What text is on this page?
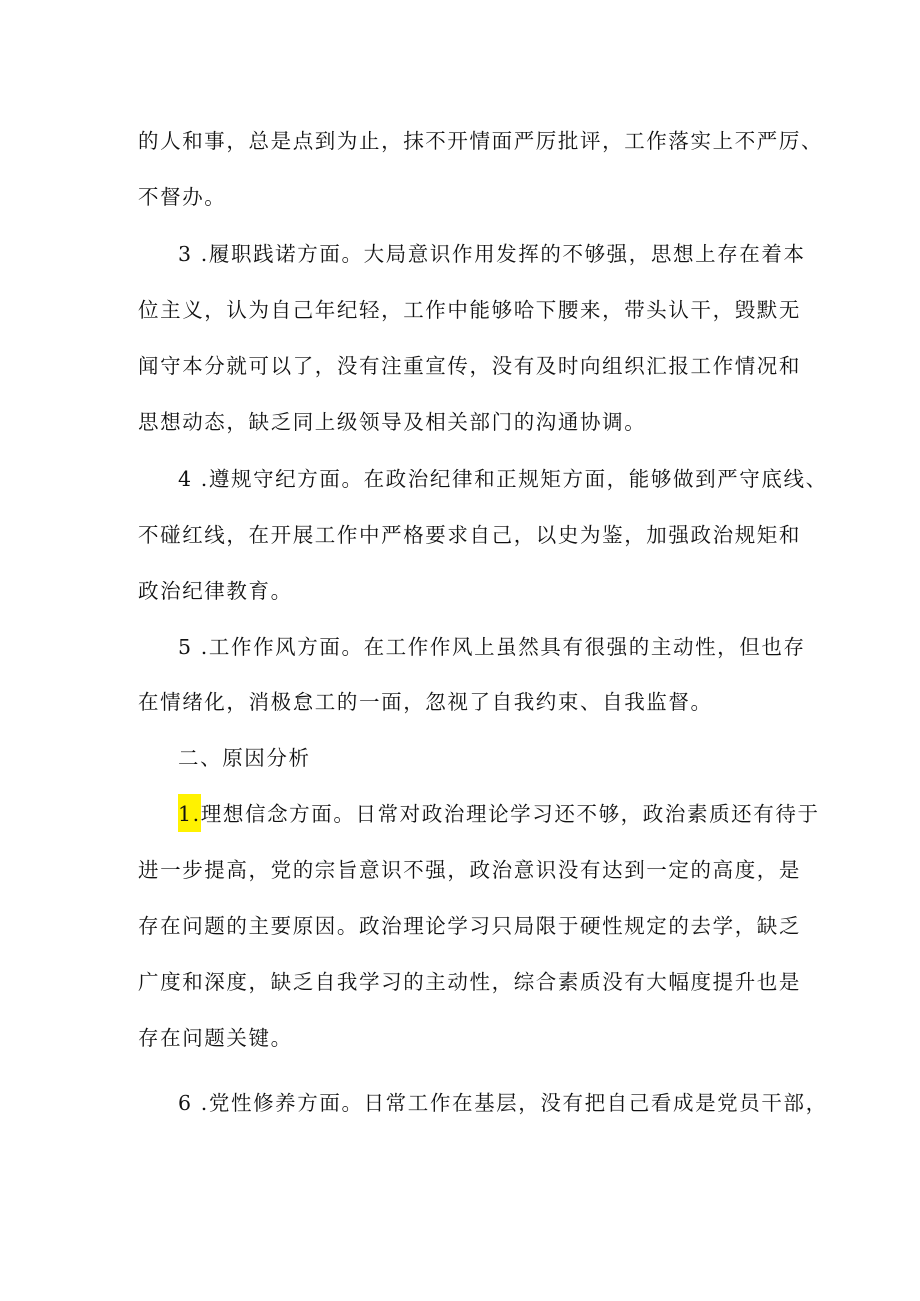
的人和事，总是点到为止，抹不开情面严厉批评，工作落实上不严厉、
不督办。
3 .履职践诺方面。大局意识作用发挥的不够强，思想上存在着本
位主义，认为自己年纪轻，工作中能够哈下腰来，带头认干，毁默无
闻守本分就可以了，没有注重宣传，没有及时向组织汇报工作情况和
思想动态，缺乏同上级领导及相关部门的沟通协调。
4 .遵规守纪方面。在政治纪律和正规矩方面，能够做到严守底线、
不碰红线，在开展工作中严格要求自己，以史为鉴，加强政治规矩和
政治纪律教育。
5 .工作作风方面。在工作作风上虽然具有很强的主动性，但也存
在情绪化，消极怠工的一面，忽视了自我约束、自我监督。
二、原因分析
1.理想信念方面。日常对政治理论学习还不够，政治素质还有待于
进一步提高，党的宗旨意识不强，政治意识没有达到一定的高度，是
存在问题的主要原因。政治理论学习只局限于硬性规定的去学，缺乏
广度和深度，缺乏自我学习的主动性，综合素质没有大幅度提升也是
存在问题关键。
6 .党性修养方面。日常工作在基层，没有把自己看成是党员干部，
